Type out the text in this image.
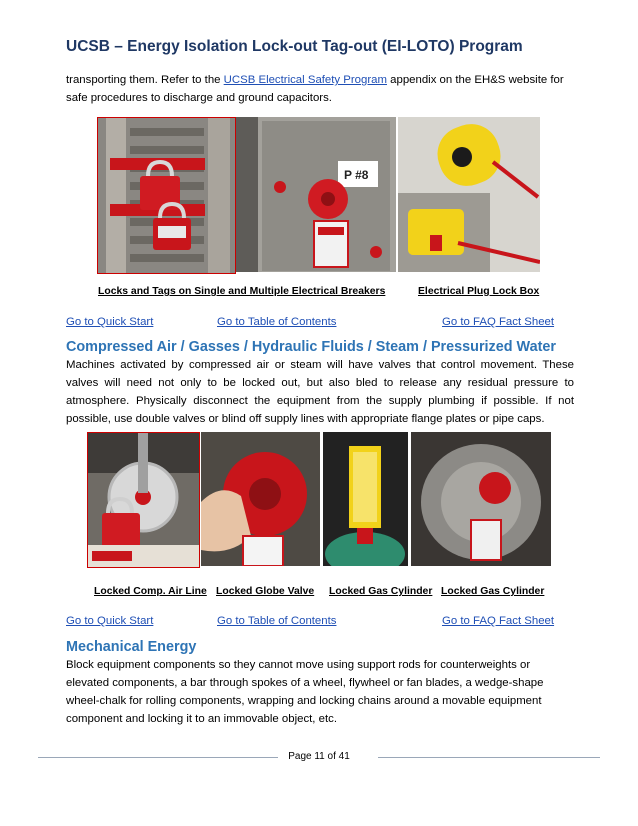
UCSB – Energy Isolation Lock-out Tag-out (EI-LOTO) Program
transporting them. Refer to the UCSB Electrical Safety Program appendix on the EH&S website for safe procedures to discharge and ground capacitors.
P #8
Locks and Tags on Single and Multiple Electrical Breakers	Electrical Plug Lock Box
Go to Quick Start	Go to Table of Contents	Go to FAQ Fact Sheet
Compressed Air / Gasses / Hydraulic Fluids / Steam / Pressurized Water
Machines activated by compressed air or steam will have valves that control movement. These valves will need not only to be locked out, but also bled to release any residual pressure to atmosphere. Physically disconnect the equipment from the supply plumbing if possible. If not possible, use double valves or blind off supply lines with appropriate flange plates or pipe caps.
Locked Comp. Air Line Locked Globe Valve Locked Gas Cylinder Locked Gas Cylinder
Go to Quick Start	Go to Table of Contents	Go to FAQ Fact Sheet
Mechanical Energy
Block equipment components so they cannot move using support rods for counterweights or elevated components, a bar through spokes of a wheel, flywheel or fan blades, a wedge-shape wheel-chalk for rolling components, wrapping and locking chains around a movable equipment component and locking it to an immovable object, etc.
Page 11 of 41
